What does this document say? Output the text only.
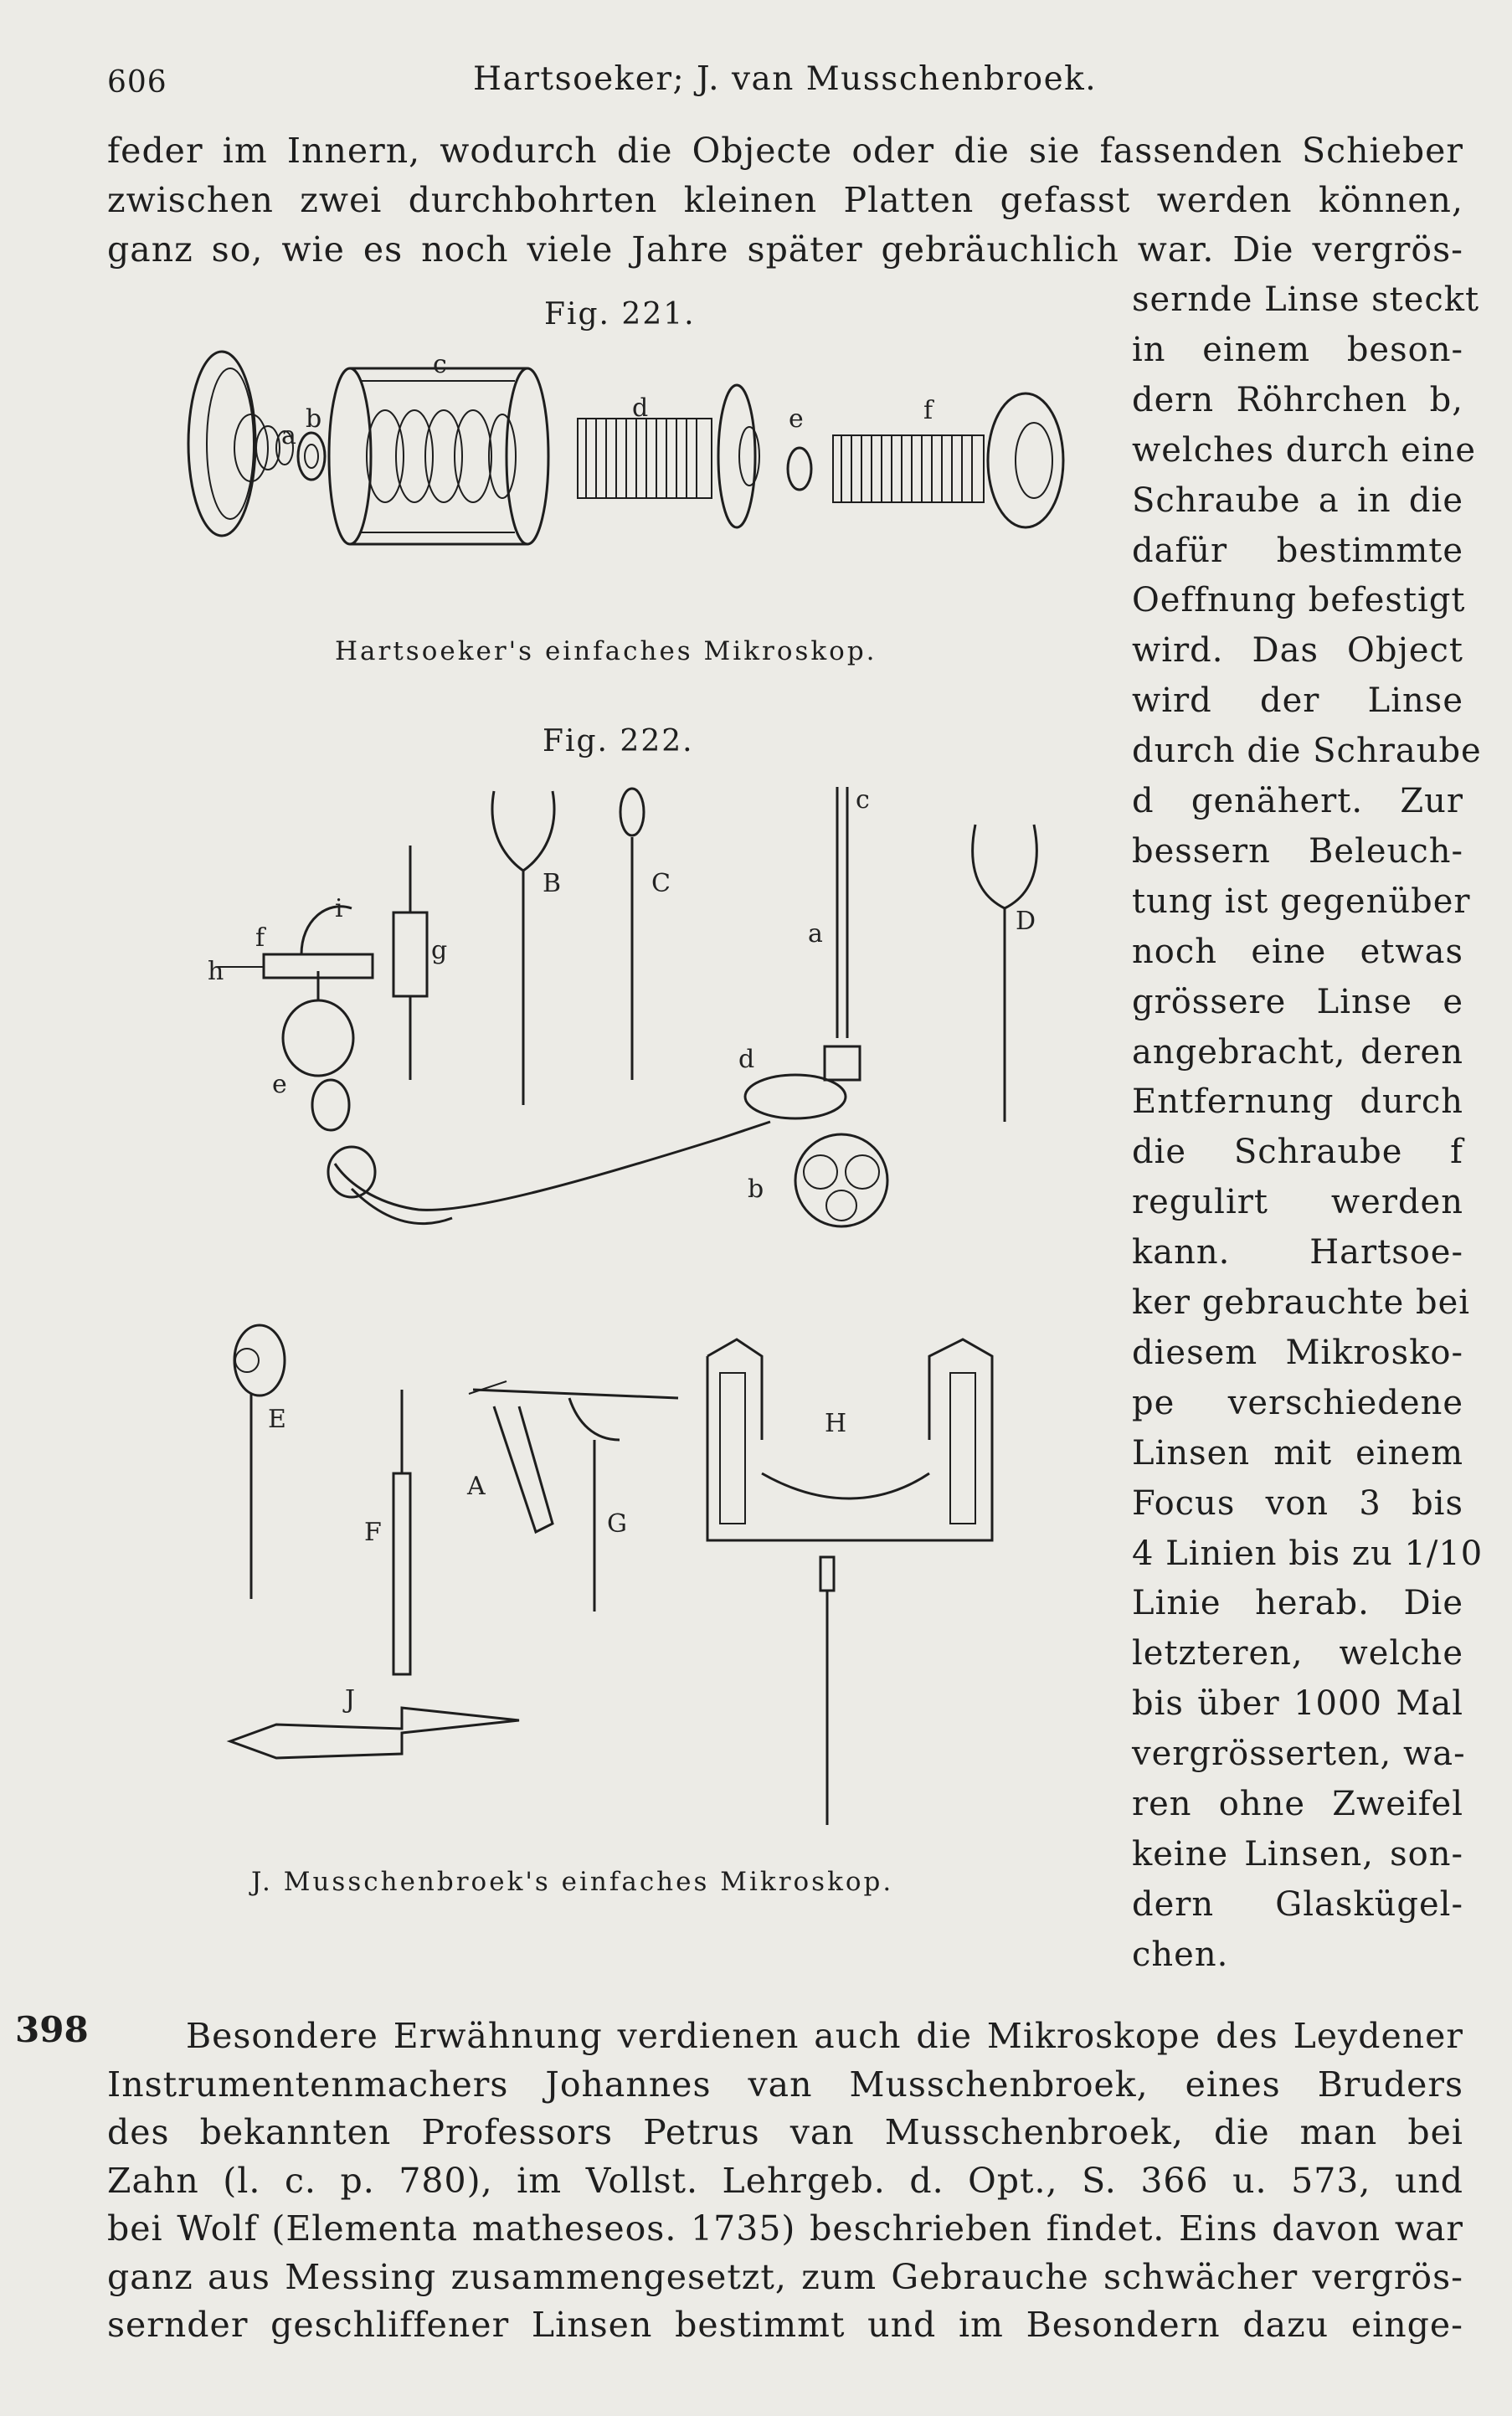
606	Hartsoeker; J. van Musschenbroek.
feder im Innern, wodurch die Objecte oder die sie fassenden Schieber
zwischen zwei durchbohrten kleinen Platten gefasst werden können,
ganz so, wie es noch viele Jahre später gebräuchlich war. Die vergrös-
sernde Linse steckt
in einem beson-
dern Röhrchen b,
welches durch eine
Schraube a in die
dafür bestimmte
Oeffnung befestigt
wird. Das Object
wird der Linse
durch die Schraube
d genähert. Zur
bessern Beleuch-
tung ist gegenüber
noch eine etwas
grössere Linse e
angebracht, deren
Entfernung durch
die Schraube f
regulirt werden
kann. Hartsoe-
ker gebrauchte bei
diesem Mikrosko-
pe verschiedene
Linsen mit einem
Focus von 3 bis
4 Linien bis zu 1/10
Linie herab. Die
letzteren, welche
bis über 1000 Mal
vergrösserten, wa-
ren ohne Zweifel
keine Linsen, son-
dern Glaskügel-
chen.
Fig. 221.
a
b
c
d	e	f
A
B	C
D
E
F	G
H
J
a
b
c
d
e
f	g
h
i
Hartsoeker's einfaches Mikroskop.
Fig. 222.
J. Musschenbroek's einfaches Mikroskop.
398	Besondere Erwähnung verdienen auch die Mikroskope des Leydener
Instrumentenmachers Johannes van Musschenbroek, eines Bruders
des bekannten Professors Petrus van Musschenbroek, die man bei
Zahn (l. c. p. 780), im Vollst. Lehrgeb. d. Opt., S. 366 u. 573, und
bei Wolf (Elementa matheseos. 1735) beschrieben findet. Eins davon war
ganz aus Messing zusammengesetzt, zum Gebrauche schwächer vergrös-
sernder geschliffener Linsen bestimmt und im Besondern dazu einge-
